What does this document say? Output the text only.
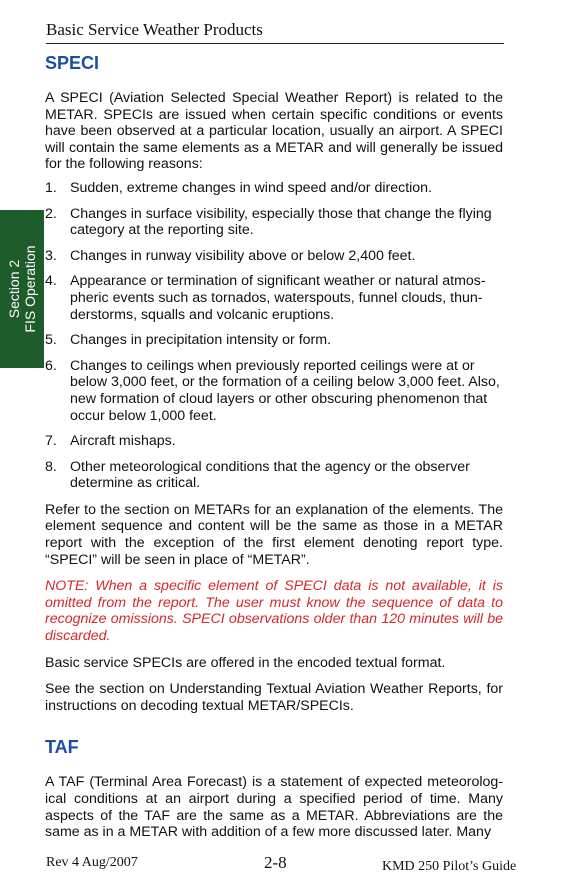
Basic Service Weather Products
Section 2 FIS Operation
SPECI

A SPECI (Aviation Selected Special Weather Report) is related to the METAR. SPECIs are issued when certain specific conditions or events have been observed at a particular location, usually an airport. A SPECI will contain the same elements as a METAR and will generally be issued for the following reasons:

1. Sudden, extreme changes in wind speed and/or direction.
2. Changes in surface visibility, especially those that change the flying category at the reporting site.
3. Changes in runway visibility above or below 2,400 feet.
4. Appearance or termination of significant weather or natural atmos-pheric events such as tornados, waterspouts, funnel clouds, thun-derstorms, squalls and volcanic eruptions.
5. Changes in precipitation intensity or form.
6. Changes to ceilings when previously reported ceilings were at or below 3,000 feet, or the formation of a ceiling below 3,000 feet. Also, new formation of cloud layers or other obscuring phenomenon that occur below 1,000 feet.
7. Aircraft mishaps.
8. Other meteorological conditions that the agency or the observer determine as critical.

Refer to the section on METARs for an explanation of the elements. The element sequence and content will be the same as those in a METAR report with the exception of the first element denoting report type. “SPECI” will be seen in place of “METAR”.

NOTE: When a specific element of SPECI data is not available, it is omitted from the report. The user must know the sequence of data to recognize omissions. SPECI observations older than 120 minutes will be discarded.

Basic service SPECIs are offered in the encoded textual format.

See the section on Understanding Textual Aviation Weather Reports, for instructions on decoding textual METAR/SPECIs.

TAF

A TAF (Terminal Area Forecast) is a statement of expected meteorolog-ical conditions at an airport during a specified period of time. Many aspects of the TAF are the same as a METAR. Abbreviations are the same as in a METAR with addition of a few more discussed later. Many

Rev 4 Aug/2007	2-8	KMD 250 Pilot’s Guide
